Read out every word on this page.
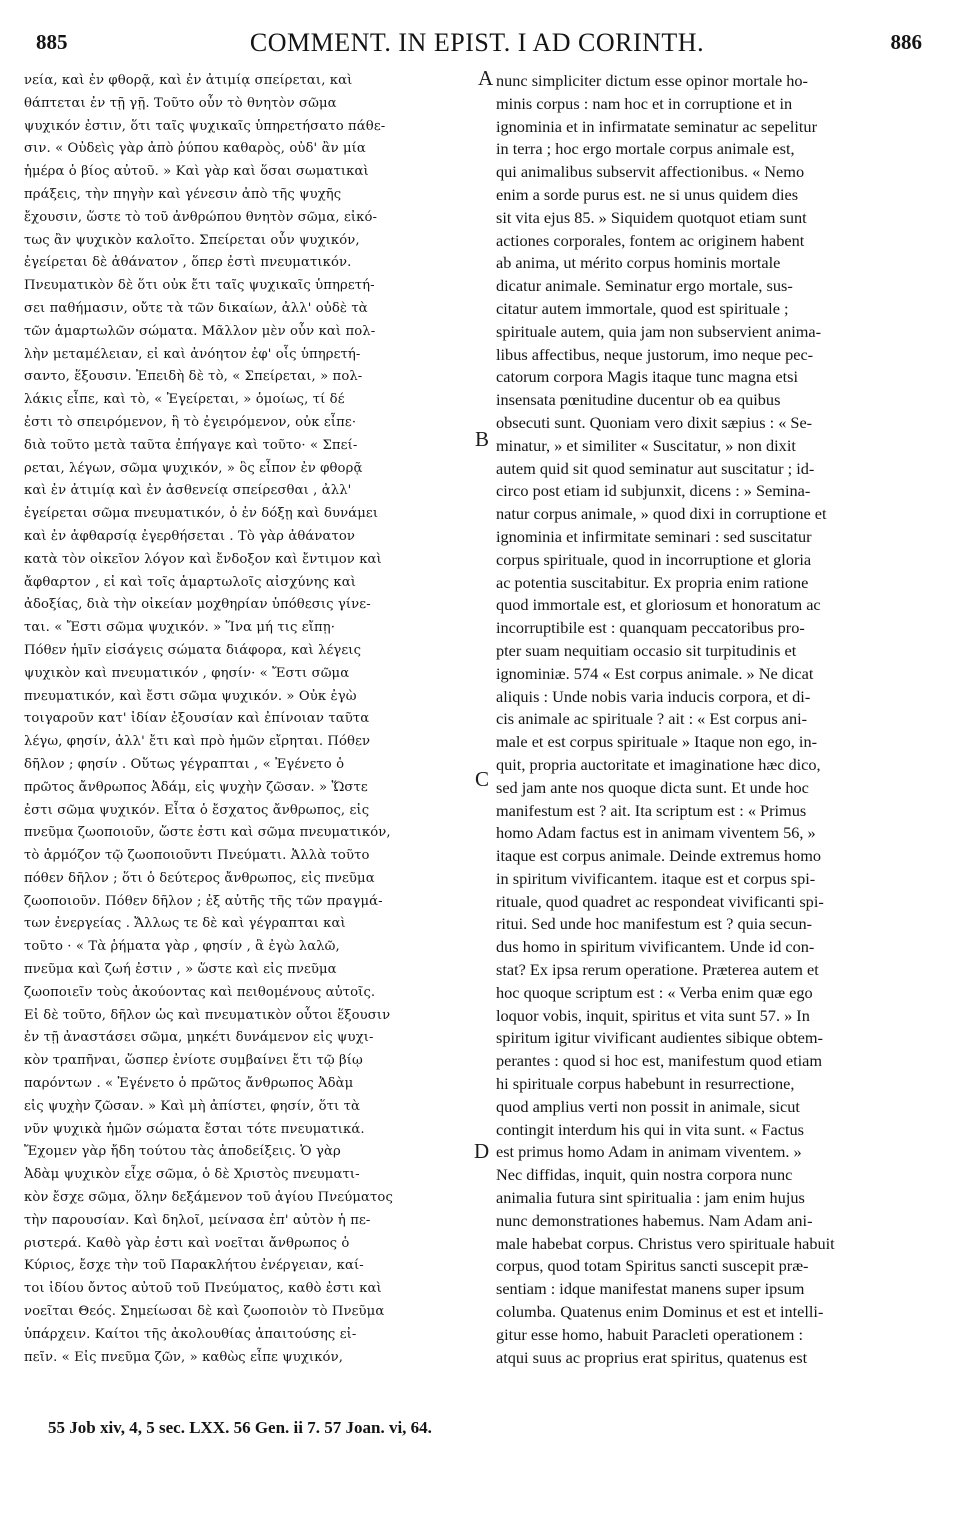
885	COMMENT. IN EPIST. I AD CORINTH.	886
νεία, καὶ ἐν φθορᾷ, καὶ ἐν ἀτιμίᾳ σπείρεται, καὶ
θάπτεται ἐν τῇ γῇ. Τοῦτο οὖν τὸ θνητὸν σῶμα
ψυχικόν ἐστιν, ὅτι ταῖς ψυχικαῖς ὑπηρετήσατο πάθε-
σιν. « Οὐδεὶς γὰρ ἀπὸ ῥύπου καθαρὸς, οὐδ' ἂν μία
ἡμέρα ὁ βίος αὐτοῦ. » Καὶ γὰρ καὶ ὅσαι σωματικαὶ
πράξεις, τὴν πηγὴν καὶ γένεσιν ἀπὸ τῆς ψυχῆς
ἔχουσιν, ὥστε τὸ τοῦ ἀνθρώπου θνητὸν σῶμα, εἰκό-
τως ἂν ψυχικὸν καλοῖτο. Σπείρεται οὖν ψυχικόν,
ἐγείρεται δὲ ἀθάνατον , ὅπερ ἐστὶ πνευματικόν.
Πνευματικὸν δὲ ὅτι οὐκ ἔτι ταῖς ψυχικαῖς ὑπηρετή-
σει παθήμασιν, οὔτε τὰ τῶν δικαίων, ἀλλ' οὐδὲ τὰ
τῶν ἁμαρτωλῶν σώματα. Μᾶλλον μὲν οὖν καὶ πολ-
λὴν μεταμέλειαν, εἰ καὶ ἀνόητον ἐφ' οἷς ὑπηρετή-
σαντο, ἕξουσιν. Ἐπειδὴ δὲ τὸ, « Σπείρεται, » πολ-
λάκις εἶπε, καὶ τὸ, « Ἐγείρεται, » ὁμοίως, τί δέ
ἐστι τὸ σπειρόμενον, ἢ τὸ ἐγειρόμενον, οὐκ εἶπε·
διὰ τοῦτο μετὰ ταῦτα ἐπήγαγε καὶ τοῦτο· « Σπεί-
ρεται, λέγων, σῶμα ψυχικόν, » ὃς εἶπον ἐν φθορᾷ
καὶ ἐν ἀτιμίᾳ καὶ ἐν ἀσθενείᾳ σπείρεσθαι , ἀλλ'
ἐγείρεται σῶμα πνευματικόν, ὁ ἐν δόξῃ καὶ δυνάμει
καὶ ἐν ἀφθαρσίᾳ ἐγερθήσεται . Τὸ γὰρ ἀθάνατον
κατὰ τὸν οἰκεῖον λόγον καὶ ἔνδοξον καὶ ἔντιμον καὶ
ἄφθαρτον , εἰ καὶ τοῖς ἁμαρτωλοῖς αἰσχύνης καὶ
ἀδοξίας, διὰ τὴν οἰκείαν μοχθηρίαν ὑπόθεσις γίνε-
ται. « Ἔστι σῶμα ψυχικόν. » Ἵνα μή τις εἴπῃ·
Πόθεν ἡμῖν εἰσάγεις σώματα διάφορα, καὶ λέγεις
ψυχικὸν καὶ πνευματικόν , φησίν· « Ἔστι σῶμα
πνευματικόν, καὶ ἔστι σῶμα ψυχικόν. » Οὐκ ἐγὼ
τοιγαροῦν κατ' ἰδίαν ἐξουσίαν καὶ ἐπίνοιαν ταῦτα
λέγω, φησίν, ἀλλ' ἔτι καὶ πρὸ ἡμῶν εἴρηται. Πόθεν
δῆλον ; φησίν . Οὕτως γέγραπται , « Ἐγένετο ὁ
πρῶτος ἄνθρωπος Ἀδάμ, εἰς ψυχὴν ζῶσαν. » Ὥστε
ἐστι σῶμα ψυχικόν. Εἶτα ὁ ἔσχατος ἄνθρωπος, εἰς
πνεῦμα ζωοποιοῦν, ὥστε ἐστι καὶ σῶμα πνευματικόν,
τὸ ἁρμόζον τῷ ζωοποιοῦντι Πνεύματι. Ἀλλὰ τοῦτο
πόθεν δῆλον ; ὅτι ὁ δεύτερος ἄνθρωπος, εἰς πνεῦμα
ζωοποιοῦν. Πόθεν δῆλον ; ἐξ αὐτῆς τῆς τῶν πραγμά-
των ἐνεργείας . Ἄλλως τε δὲ καὶ γέγραπται καὶ
τοῦτο · « Τὰ ῥήματα γὰρ , φησίν , ἃ ἐγὼ λαλῶ,
πνεῦμα καὶ ζωή ἐστιν , » ὥστε καὶ εἰς πνεῦμα
ζωοποιεῖν τοὺς ἀκούοντας καὶ πειθομένους αὐτοῖς.
Εἰ δὲ τοῦτο, δῆλον ὡς καὶ πνευματικὸν οὗτοι ἕξουσιν
ἐν τῇ ἀναστάσει σῶμα, μηκέτι δυνάμενον εἰς ψυχι-
κὸν τραπῆναι, ὥσπερ ἐνίοτε συμβαίνει ἔτι τῷ βίῳ
παρόντων . « Ἐγένετο ὁ πρῶτος ἄνθρωπος Ἀδὰμ
εἰς ψυχὴν ζῶσαν. » Καὶ μὴ ἀπίστει, φησίν, ὅτι τὰ
νῦν ψυχικὰ ἡμῶν σώματα ἔσται τότε πνευματικά.
Ἔχομεν γὰρ ἤδη τούτου τὰς ἀποδείξεις. Ὁ γὰρ
Ἀδὰμ ψυχικὸν εἶχε σῶμα, ὁ δὲ Χριστὸς πνευματι-
κὸν ἔσχε σῶμα, ὅλην δεξάμενον τοῦ ἁγίου Πνεύματος
τὴν παρουσίαν. Καὶ δηλοῖ, μείνασα ἐπ' αὐτὸν ἡ πε-
ριστερά. Καθὸ γὰρ ἐστι καὶ νοεῖται ἄνθρωπος ὁ
Κύριος, ἔσχε τὴν τοῦ Παρακλήτου ἐνέργειαν, καί-
τοι ἰδίου ὄντος αὐτοῦ τοῦ Πνεύματος, καθὸ ἐστι καὶ
νοεῖται Θεός. Σημείωσαι δὲ καὶ ζωοποιὸν τὸ Πνεῦμα
ὑπάρχειν. Καίτοι τῆς ἀκολουθίας ἀπαιτούσης εἰ-
πεῖν. « Εἰς πνεῦμα ζῶν, » καθὼς εἶπε ψυχικόν,
nunc simpliciter dictum esse opinor mortale ho-
minis corpus : nam hoc et in corruptione et in
ignominia et in infirmatate seminatur ac sepelitur
in terra ; hoc ergo mortale corpus animale est,
qui animalibus subservit affectionibus. « Nemo
enim a sorde purus est. ne si unus quidem dies
sit vita ejus 85. » Siquidem quotquot etiam sunt
actiones corporales, fontem ac originem habent
ab anima, ut mérito corpus hominis mortale
dicatur animale. Seminatur ergo mortale, sus-
citatur autem immortale, quod est spirituale ;
spirituale autem, quia jam non subservient anima-
libus affectibus, neque justorum, imo neque pec-
catorum corpora Magis itaque tunc magna etsi
insensata pœnitudine ducentur ob ea quibus
obsecuti sunt. Quoniam vero dixit sæpius : « Se-
minatur, » et similiter « Suscitatur, » non dixit
autem quid sit quod seminatur aut suscitatur ; id-
circo post etiam id subjunxit, dicens : » Semina-
natur corpus animale, » quod dixi in corruptione et
ignominia et infirmitate seminari : sed suscitatur
corpus spirituale, quod in incorruptione et gloria
ac potentia suscitabitur. Ex propria enim ratione
quod immortale est, et gloriosum et honoratum ac
incorruptibile est : quanquam peccatoribus pro-
pter suam nequitiam occasio sit turpitudinis et
ignominiæ. 574 « Est corpus animale. » Ne dicat
aliquis : Unde nobis varia inducis corpora, et di-
cis animale ac spirituale ? ait : « Est corpus ani-
male et est corpus spirituale » Itaque non ego, in-
quit, propria auctoritate et imaginatione hæc dico,
sed jam ante nos quoque dicta sunt. Et unde hoc
manifestum est ? ait. Ita scriptum est : « Primus
homo Adam factus est in animam viventem 56, »
itaque est corpus animale. Deinde extremus homo
in spiritum vivificantem. itaque est et corpus spi-
rituale, quod quadret ac respondeat vivificanti spi-
ritui. Sed unde hoc manifestum est ? quia secun-
dus homo in spiritum vivificantem. Unde id con-
stat? Ex ipsa rerum operatione. Præterea autem et
hoc quoque scriptum est : « Verba enim quæ ego
loquor vobis, inquit, spiritus et vita sunt 57. » In
spiritum igitur vivificant audientes sibique obtem-
perantes : quod si hoc est, manifestum quod etiam
hi spirituale corpus habebunt in resurrectione,
quod amplius verti non possit in animale, sicut
contingit interdum his qui in vita sunt. « Factus
est primus homo Adam in animam viventem. »
Nec diffidas, inquit, quin nostra corpora nunc
animalia futura sint spiritualia : jam enim hujus
nunc demonstrationes habemus. Nam Adam ani-
male habebat corpus. Christus vero spirituale habuit
corpus, quod totam Spiritus sancti suscepit præ-
sentiam : idque manifestat manens super ipsum
columba. Quatenus enim Dominus et est et intelli-
gitur esse homo, habuit Paracleti operationem :
atqui suus ac proprius erat spiritus, quatenus est
A
B
C
D
55 Job xiv, 4, 5 sec. LXX. 56 Gen. ii 7. 57 Joan. vi, 64.
